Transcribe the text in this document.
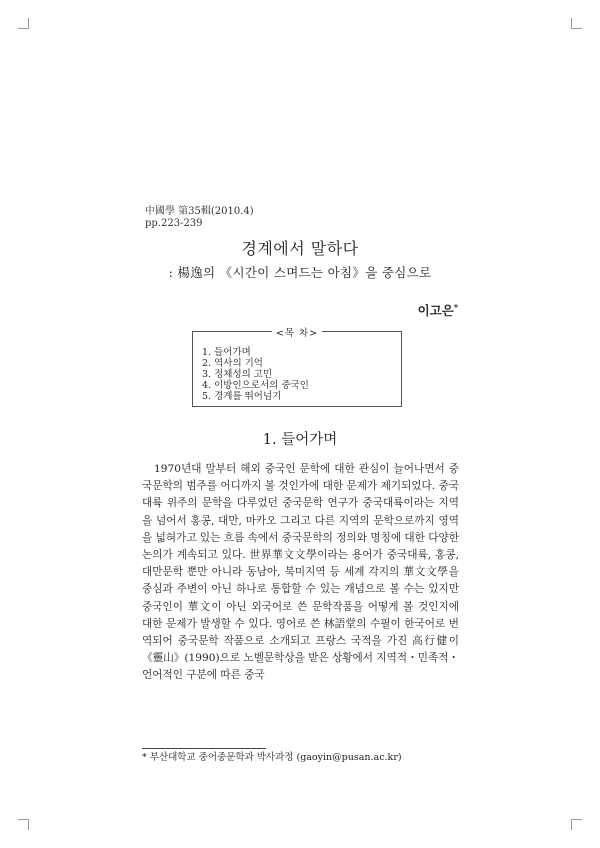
中國學 第35輯(2010.4)
pp.223-239
경계에서 말하다
: 楊逸의 《시간이 스며드는 아침》을 중심으로
이고은*
<목 차>
1. 들어가며
2. 역사의 기억
3. 정체성의 고민
4. 이방인으로서의 중국인
5. 경계를 뛰어넘기
1. 들어가며

1970년대 말부터 해외 중국인 문학에 대한 관심이 늘어나면서 중국문학의 범주를 어디까지 볼 것인가에 대한 문제가 제기되었다. 중국대륙 위주의 문학을 다루었던 중국문학 연구가 중국대륙이라는 지역을 넘어서 홍콩, 대만, 마카오 그리고 다른 지역의 문학으로까지 영역을 넓혀가고 있는 흐름 속에서 중국문학의 정의와 명칭에 대한 다양한 논의가 계속되고 있다. 世界華文文學이라는 용어가 중국대륙, 홍콩, 대만문학 뿐만 아니라 동남아, 북미지역 등 세계 각지의 華文文學을 중심과 주변이 아닌 하나로 통합할 수 있는 개념으로 볼 수는 있지만 중국인이 華文이 아닌 외국어로 쓴 문학작품을 어떻게 볼 것인지에 대한 문제가 발생할 수 있다. 영어로 쓴 林語堂의 수필이 한국어로 번역되어 중국문학 작품으로 소개되고 프랑스 국적을 가진 高行健이 《靈山》(1990)으로 노벨문학상을 받은 상황에서 지역적・민족적・언어적인 구분에 따른 중국

* 부산대학교 중어중문학과 박사과정 (gaoyin@pusan.ac.kr)
